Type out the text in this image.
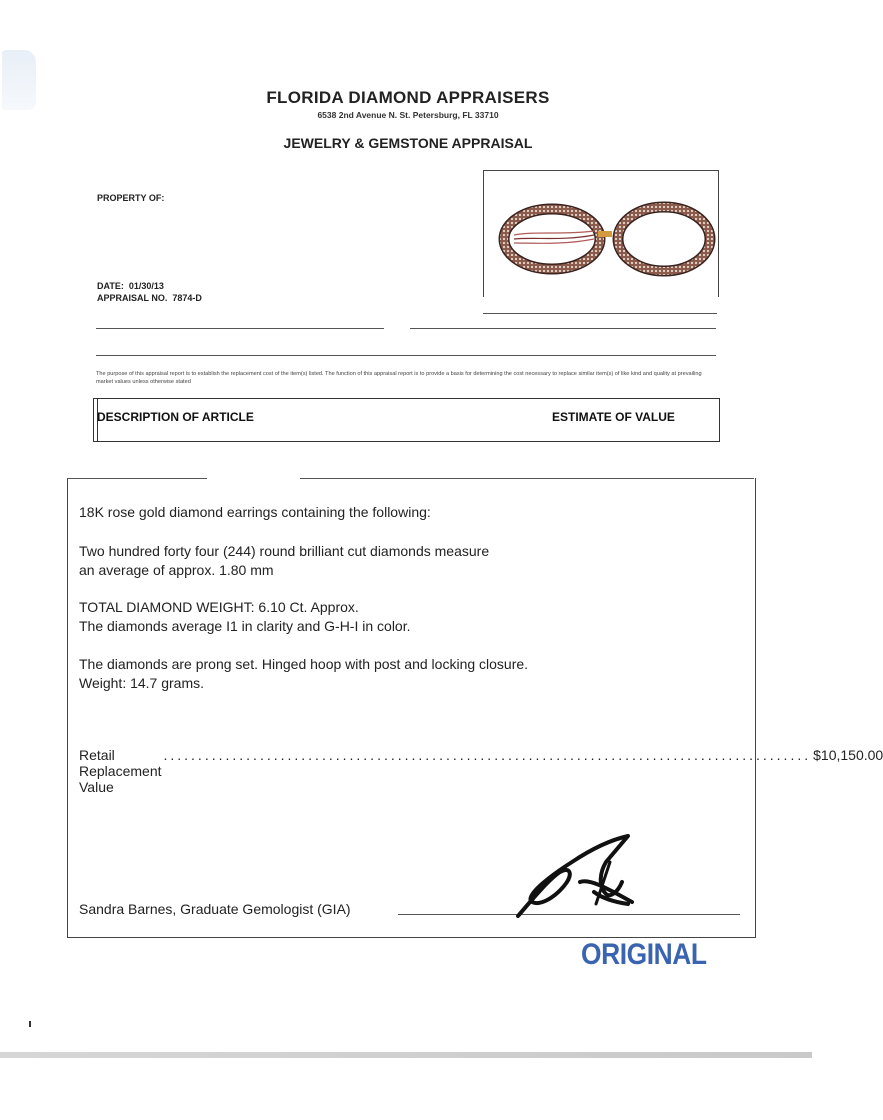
FLORIDA DIAMOND APPRAISERS
6538 2nd Avenue N. St. Petersburg, FL 33710
JEWELRY & GEMSTONE APPRAISAL
PROPERTY OF:
DATE: 01/30/13
APPRAISAL NO. 7874-D
The purpose of this appraisal report is to establish the replacement cost of the item(s) listed. The function of this appraisal report is to provide a basis for determining the cost necessary to replace similar item(s) of like kind and quality at prevailing market values unless otherwise stated
DESCRIPTION OF ARTICLE	ESTIMATE OF VALUE
18K rose gold diamond earrings containing the following:
Two hundred forty four (244) round brilliant cut diamonds measure
an average of approx. 1.80 mm
TOTAL DIAMOND WEIGHT: 6.10 Ct. Approx.
The diamonds average I1 in clarity and G-H-I in color.
The diamonds are prong set. Hinged hoop with post and locking closure.
Weight: 14.7 grams.
Retail Replacement Value
.............................................................................................. $10,150.00
Sandra Barnes, Graduate Gemologist (GIA)
ORIGINAL
